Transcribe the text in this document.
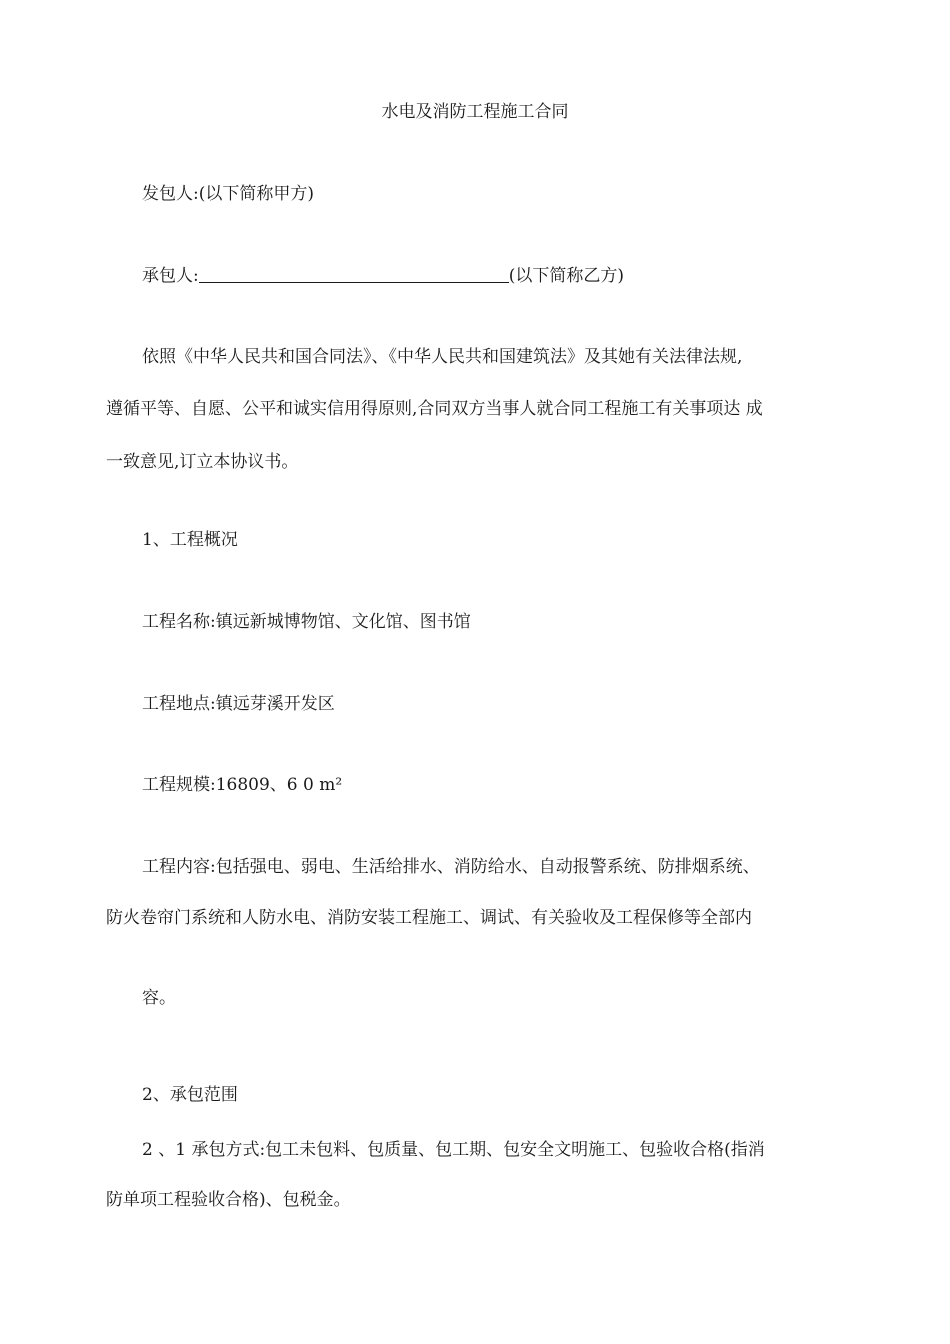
水电及消防工程施工合同
发包人:(以下简称甲方)
承包人:	(以下简称乙方)
依照《中华人民共和国合同法》、《中华人民共和国建筑法》及其她有关法律法规,
遵循平等、自愿、公平和诚实信用得原则,合同双方当事人就合同工程施工有关事项达 成
一致意见,订立本协议书。
1、工程概况
工程名称:镇远新城博物馆、文化馆、图书馆
工程地点:镇远芽溪开发区
工程规模:16809、6 0 m²
工程内容:包括强电、弱电、生活给排水、消防给水、自动报警系统、防排烟系统、
防火卷帘门系统和人防水电、消防安装工程施工、调试、有关验收及工程保修等全部内
容。
2、承包范围
2 、1 承包方式:包工未包料、包质量、包工期、包安全文明施工、包验收合格(指消
防单项工程验收合格)、包税金。
